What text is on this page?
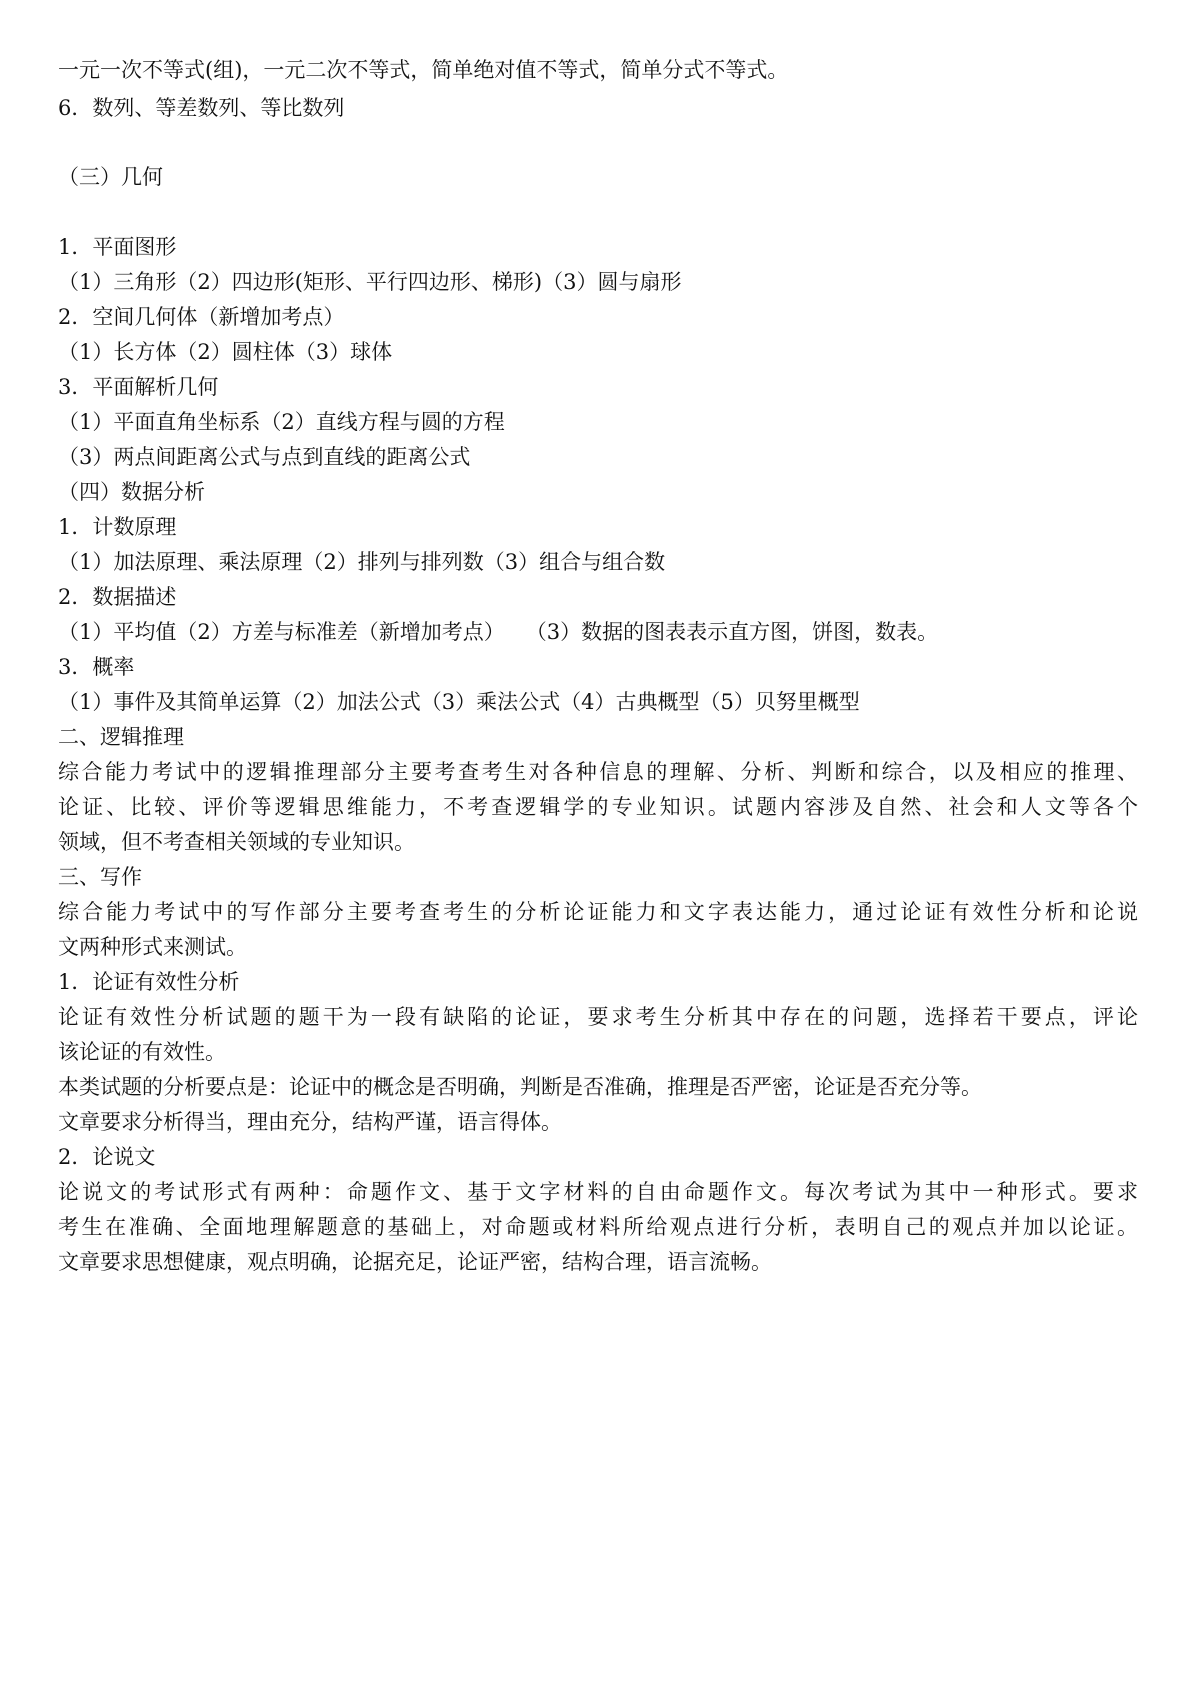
一元一次不等式(组)，一元二次不等式，简单绝对值不等式，简单分式不等式。
6．数列、等差数列、等比数列
（三）几何
1．平面图形
（1）三角形（2）四边形(矩形、平行四边形、梯形)（3）圆与扇形
2．空间几何体（新增加考点）
（1）长方体（2）圆柱体（3）球体
3．平面解析几何
（1）平面直角坐标系（2）直线方程与圆的方程
（3）两点间距离公式与点到直线的距离公式
（四）数据分析
1．计数原理
（1）加法原理、乘法原理（2）排列与排列数（3）组合与组合数
2．数据描述
（1）平均值（2）方差与标准差（新增加考点）　　（3）数据的图表表示直方图，饼图，数表。
3．概率
（1）事件及其简单运算（2）加法公式（3）乘法公式（4）古典概型（5）贝努里概型
二、逻辑推理
综合能力考试中的逻辑推理部分主要考查考生对各种信息的理解、分析、判断和综合，以及相应的推理、
论证、比较、评价等逻辑思维能力，不考查逻辑学的专业知识。试题内容涉及自然、社会和人文等各个
领域，但不考查相关领域的专业知识。
三、写作
综合能力考试中的写作部分主要考查考生的分析论证能力和文字表达能力，通过论证有效性分析和论说
文两种形式来测试。
1．论证有效性分析
论证有效性分析试题的题干为一段有缺陷的论证，要求考生分析其中存在的问题，选择若干要点，评论
该论证的有效性。
本类试题的分析要点是：论证中的概念是否明确，判断是否准确，推理是否严密，论证是否充分等。
文章要求分析得当，理由充分，结构严谨，语言得体。
2．论说文
论说文的考试形式有两种：命题作文、基于文字材料的自由命题作文。每次考试为其中一种形式。要求
考生在准确、全面地理解题意的基础上，对命题或材料所给观点进行分析，表明自己的观点并加以论证。
文章要求思想健康，观点明确，论据充足，论证严密，结构合理，语言流畅。
